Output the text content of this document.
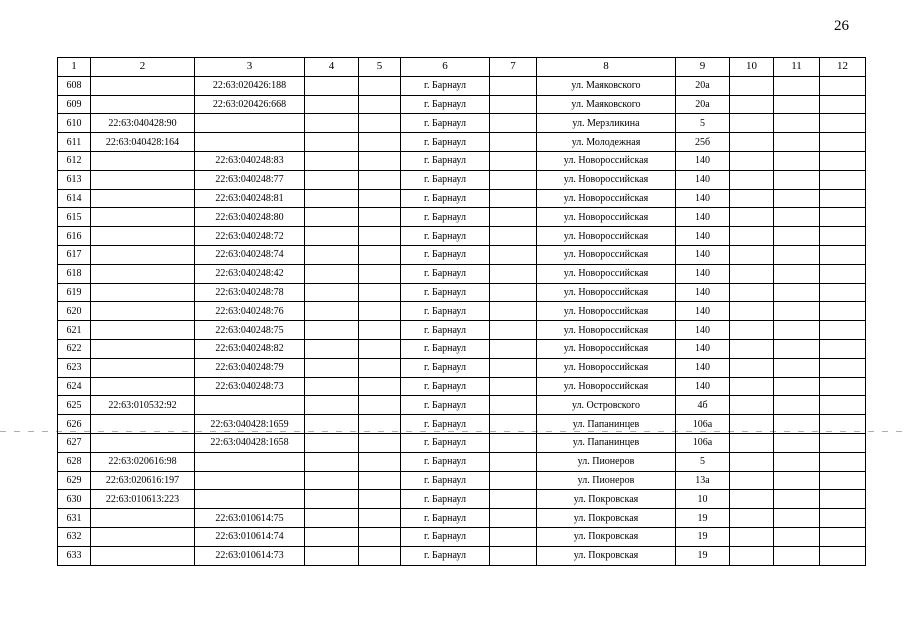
26
1	2	3	4	5	6	7	8	9	10	11	12
608		22:63:020426:188			г. Барнаул		ул. Маяковского	20а			
609		22:63:020426:668			г. Барнаул		ул. Маяковского	20а			
610	22:63:040428:90				г. Барнаул		ул. Мерзликина	5			
611	22:63:040428:164				г. Барнаул		ул. Молодежная	25б			
612		22:63:040248:83			г. Барнаул		ул. Новороссийская	140			
613		22:63:040248:77			г. Барнаул		ул. Новороссийская	140			
614		22:63:040248:81			г. Барнаул		ул. Новороссийская	140			
615		22:63:040248:80			г. Барнаул		ул. Новороссийская	140			
616		22:63:040248:72			г. Барнаул		ул. Новороссийская	140			
617		22:63:040248:74			г. Барнаул		ул. Новороссийская	140			
618		22:63:040248:42			г. Барнаул		ул. Новороссийская	140			
619		22:63:040248:78			г. Барнаул		ул. Новороссийская	140			
620		22:63:040248:76			г. Барнаул		ул. Новороссийская	140			
621		22:63:040248:75			г. Барнаул		ул. Новороссийская	140			
622		22:63:040248:82			г. Барнаул		ул. Новороссийская	140			
623		22:63:040248:79			г. Барнаул		ул. Новороссийская	140			
624		22:63:040248:73			г. Барнаул		ул. Новороссийская	140			
625	22:63:010532:92				г. Барнаул		ул. Островского	4б			
626		22:63:040428:1659			г. Барнаул		ул. Папанинцев	106а			
627		22:63:040428:1658			г. Барнаул		ул. Папанинцев	106а			
628	22:63:020616:98				г. Барнаул		ул. Пионеров	5			
629	22:63:020616:197				г. Барнаул		ул. Пионеров	13а			
630	22:63:010613:223				г. Барнаул		ул. Покровская	10			
631		22:63:010614:75			г. Барнаул		ул. Покровская	19			
632		22:63:010614:74			г. Барнаул		ул. Покровская	19			
633		22:63:010614:73			г. Барнаул		ул. Покровская	19			
